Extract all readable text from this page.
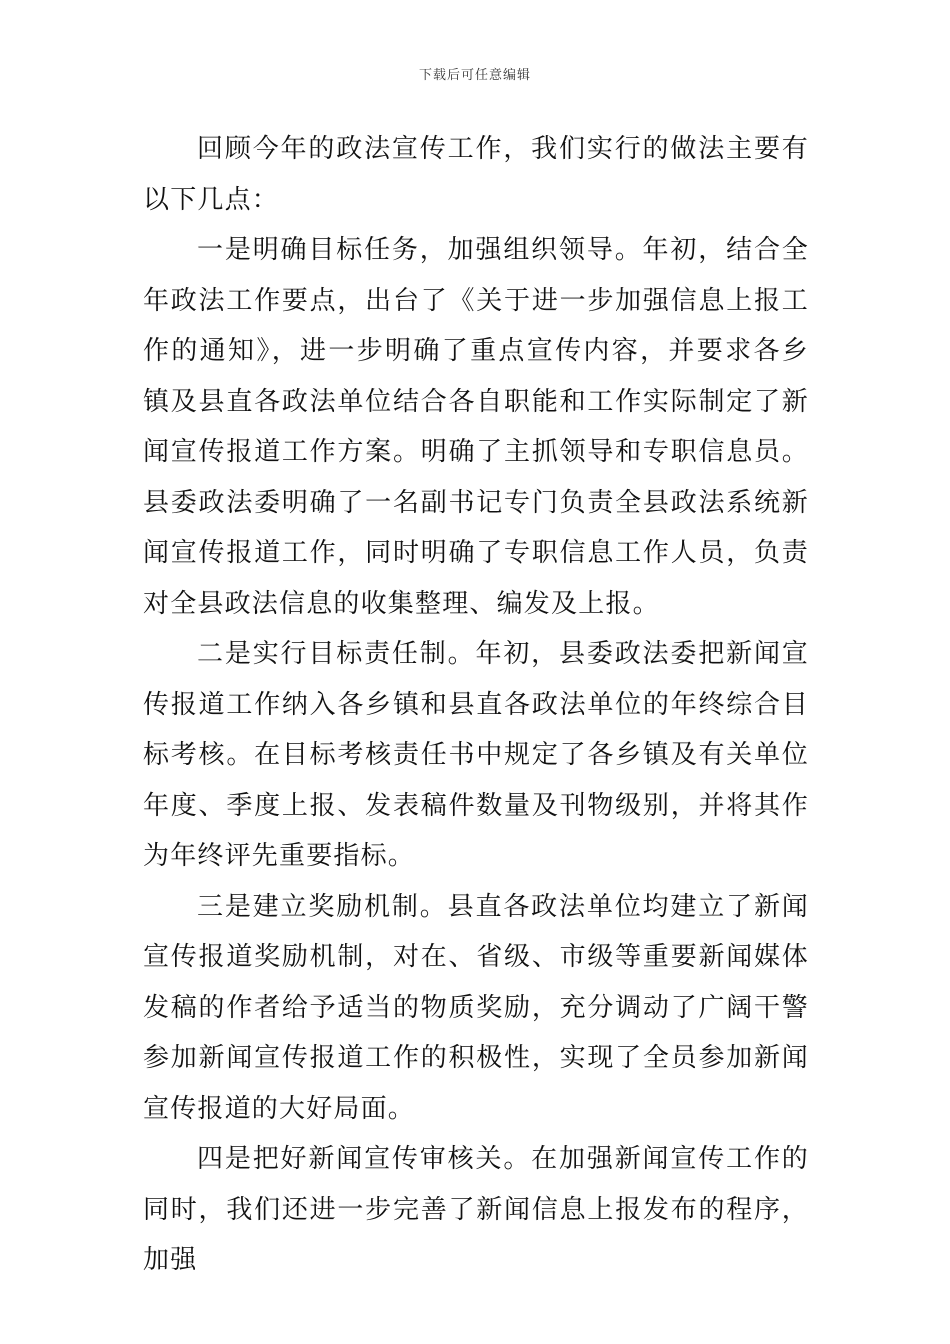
下载后可任意编辑

回顾今年的政法宣传工作，我们实行的做法主要有以下几点：

一是明确目标任务，加强组织领导。年初，结合全年政法工作要点，出台了《关于进一步加强信息上报工作的通知》，进一步明确了重点宣传内容，并要求各乡镇及县直各政法单位结合各自职能和工作实际制定了新闻宣传报道工作方案。明确了主抓领导和专职信息员。县委政法委明确了一名副书记专门负责全县政法系统新闻宣传报道工作，同时明确了专职信息工作人员，负责对全县政法信息的收集整理、编发及上报。

二是实行目标责任制。年初，县委政法委把新闻宣传报道工作纳入各乡镇和县直各政法单位的年终综合目标考核。在目标考核责任书中规定了各乡镇及有关单位年度、季度上报、发表稿件数量及刊物级别，并将其作为年终评先重要指标。

三是建立奖励机制。县直各政法单位均建立了新闻宣传报道奖励机制，对在、省级、市级等重要新闻媒体发稿的作者给予适当的物质奖励，充分调动了广阔干警参加新闻宣传报道工作的积极性，实现了全员参加新闻宣传报道的大好局面。

四是把好新闻宣传审核关。在加强新闻宣传工作的同时，我们还进一步完善了新闻信息上报发布的程序，加强
